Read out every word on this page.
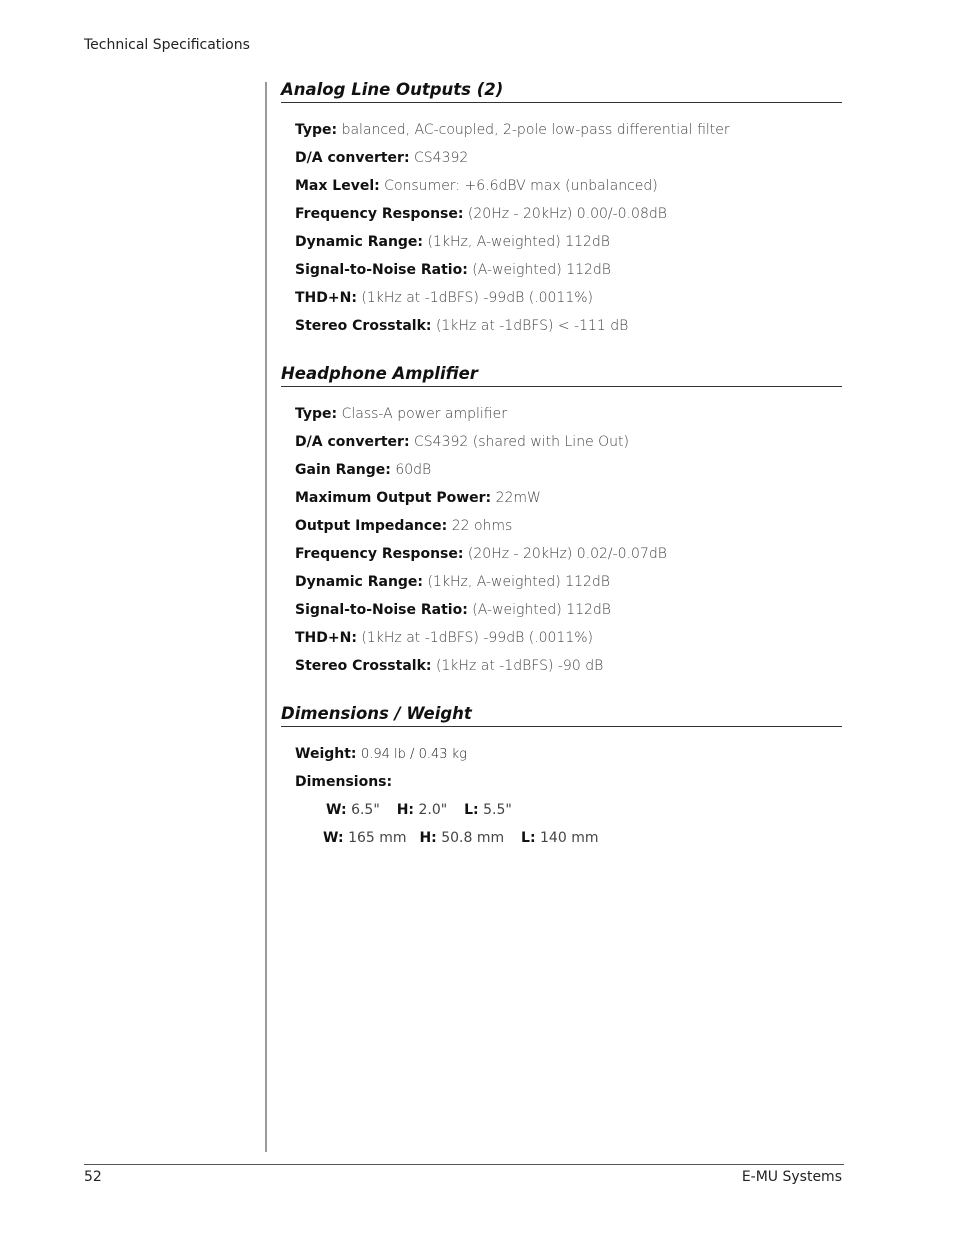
Technical Specifications
Analog Line Outputs (2)
Type: balanced, AC-coupled, 2-pole low-pass differential filter
D/A converter: CS4392
Max Level: Consumer: +6.6dBV max (unbalanced)
Frequency Response: (20Hz - 20kHz) 0.00/-0.08dB
Dynamic Range: (1kHz, A-weighted) 112dB
Signal-to-Noise Ratio: (A-weighted) 112dB
THD+N: (1kHz at -1dBFS) -99dB (.0011%)
Stereo Crosstalk: (1kHz at -1dBFS) < -111 dB
Headphone Amplifier
Type: Class-A power amplifier
D/A converter: CS4392 (shared with Line Out)
Gain Range: 60dB
Maximum Output Power: 22mW
Output Impedance: 22 ohms
Frequency Response: (20Hz - 20kHz) 0.02/-0.07dB
Dynamic Range: (1kHz, A-weighted) 112dB
Signal-to-Noise Ratio: (A-weighted) 112dB
THD+N: (1kHz at -1dBFS) -99dB (.0011%)
Stereo Crosstalk: (1kHz at -1dBFS) -90 dB
Dimensions / Weight
Weight: 0.94 lb / 0.43 kg
Dimensions:
W: 6.5" H: 2.0" L: 5.5"
W: 165 mm H: 50.8 mm L: 140 mm
52	E-MU Systems
